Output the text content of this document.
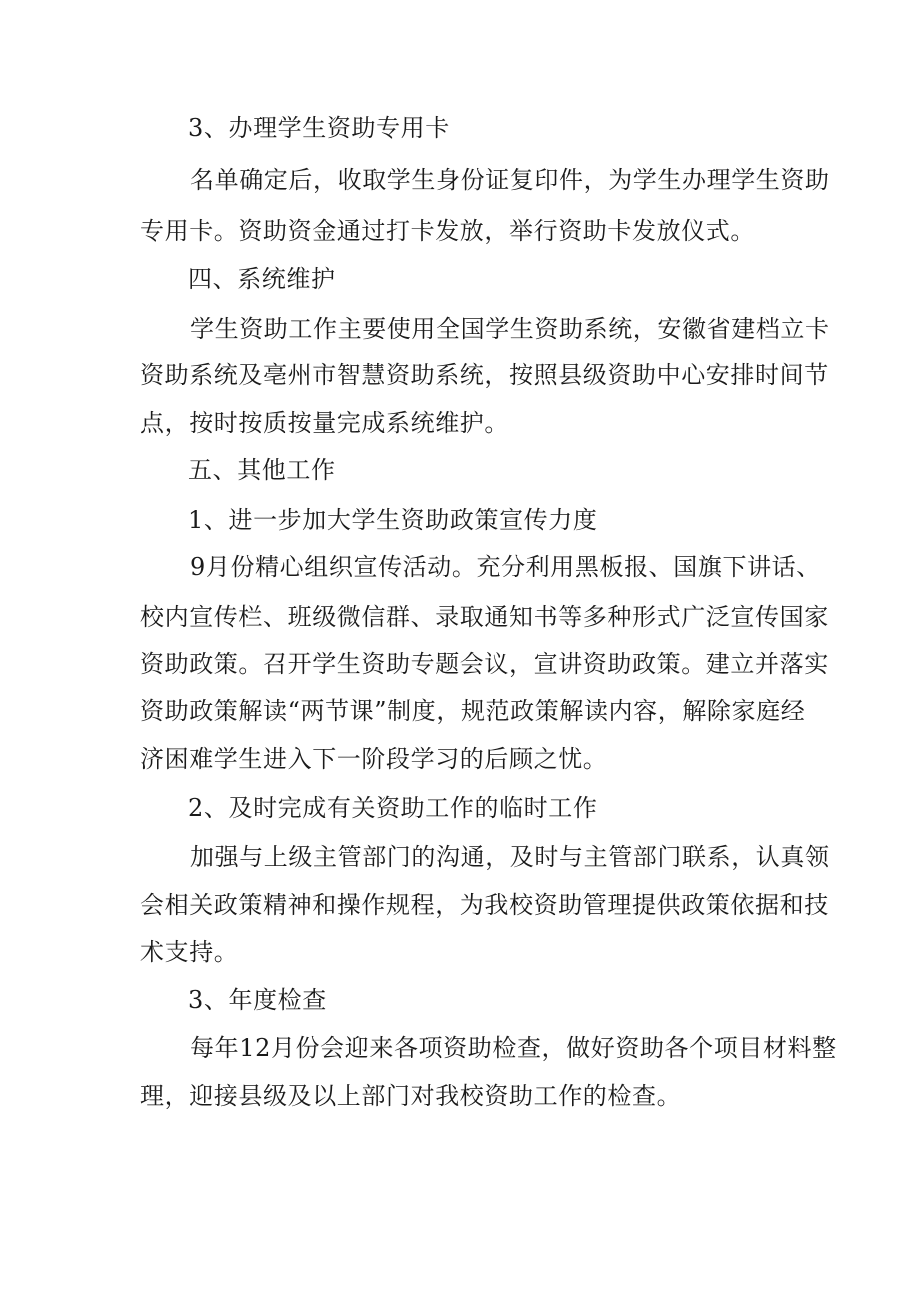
3、办理学生资助专用卡
名单确定后，收取学生身份证复印件，为学生办理学生资助
专用卡。资助资金通过打卡发放，举行资助卡发放仪式。
四、系统维护
学生资助工作主要使用全国学生资助系统，安徽省建档立卡
资助系统及亳州市智慧资助系统，按照县级资助中心安排时间节
点，按时按质按量完成系统维护。
五、其他工作
1、进一步加大学生资助政策宣传力度
9月份精心组织宣传活动。充分利用黑板报、国旗下讲话、
校内宣传栏、班级微信群、录取通知书等多种形式广泛宣传国家
资助政策。召开学生资助专题会议，宣讲资助政策。建立并落实
资助政策解读“两节课”制度，规范政策解读内容，解除家庭经
济困难学生进入下一阶段学习的后顾之忧。
2、及时完成有关资助工作的临时工作
加强与上级主管部门的沟通，及时与主管部门联系，认真领
会相关政策精神和操作规程，为我校资助管理提供政策依据和技
术支持。
3、年度检查
每年12月份会迎来各项资助检查，做好资助各个项目材料整
理，迎接县级及以上部门对我校资助工作的检查。
